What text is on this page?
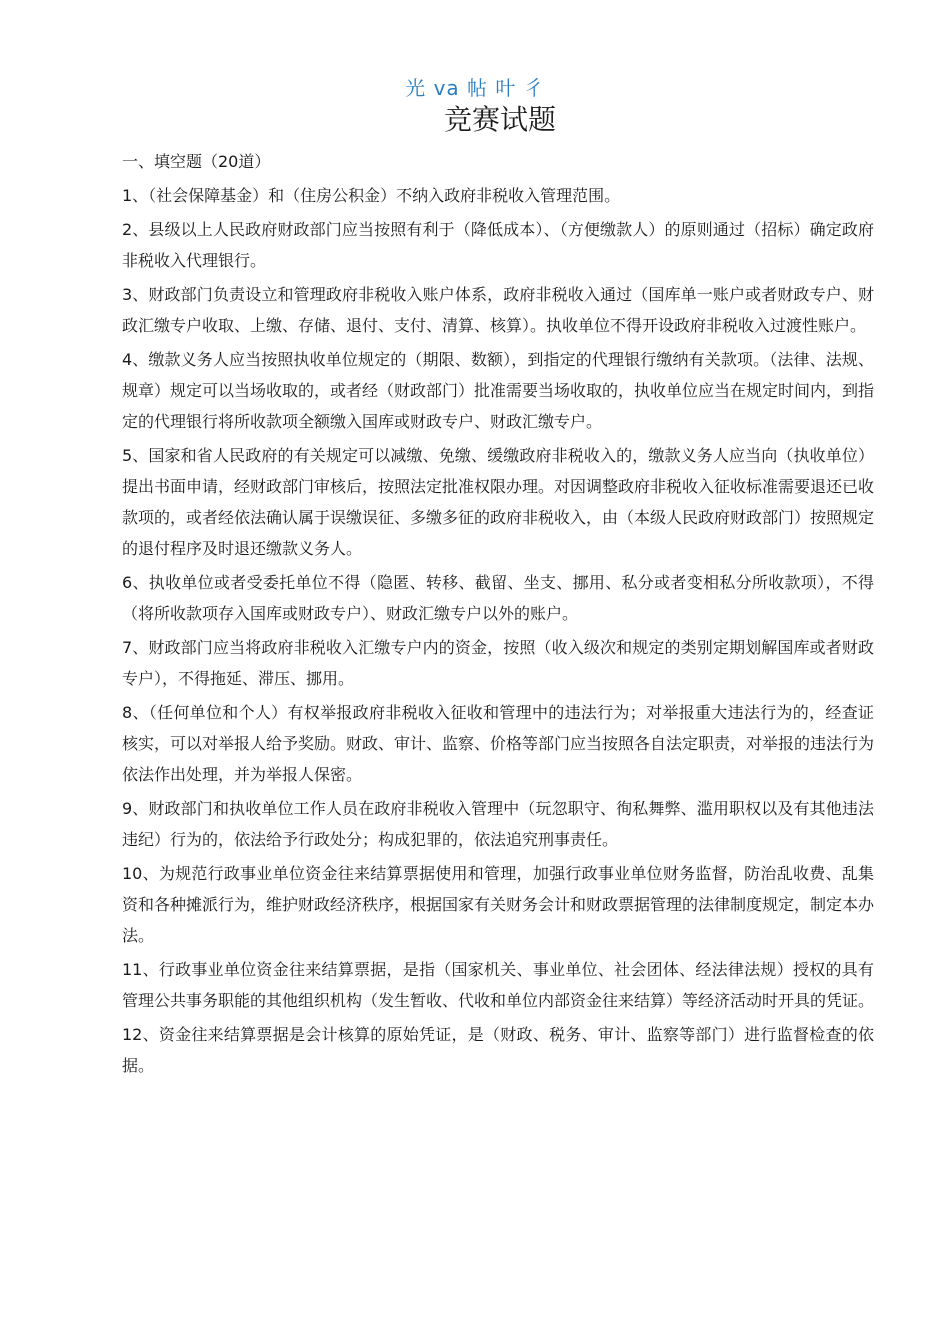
光 va 帖 叶 彳
竞赛试题

一、填空题（20道）

1、（社会保障基金）和（住房公积金）不纳入政府非税收入管理范围。

2、县级以上人民政府财政部门应当按照有利于（降低成本）、（方便缴款人）的原则通过（招标）确定政府非税收入代理银行。

3、财政部门负责设立和管理政府非税收入账户体系，政府非税收入通过（国库单一账户或者财政专户、财政汇缴专户收取、上缴、存储、退付、支付、清算、核算）。执收单位不得开设政府非税收入过渡性账户。

4、缴款义务人应当按照执收单位规定的（期限、数额），到指定的代理银行缴纳有关款项。（法律、法规、规章）规定可以当场收取的，或者经（财政部门）批准需要当场收取的，执收单位应当在规定时间内，到指定的代理银行将所收款项全额缴入国库或财政专户、财政汇缴专户。

5、国家和省人民政府的有关规定可以减缴、免缴、缓缴政府非税收入的，缴款义务人应当向（执收单位）提出书面申请，经财政部门审核后，按照法定批准权限办理。对因调整政府非税收入征收标准需要退还已收款项的，或者经依法确认属于误缴误征、多缴多征的政府非税收入，由（本级人民政府财政部门）按照规定的退付程序及时退还缴款义务人。

6、执收单位或者受委托单位不得（隐匿、转移、截留、坐支、挪用、私分或者变相私分所收款项），不得（将所收款项存入国库或财政专户）、财政汇缴专户以外的账户。

7、财政部门应当将政府非税收入汇缴专户内的资金，按照（收入级次和规定的类别定期划解国库或者财政专户），不得拖延、滞压、挪用。

8、（任何单位和个人）有权举报政府非税收入征收和管理中的违法行为；对举报重大违法行为的，经查证核实，可以对举报人给予奖励。财政、审计、监察、价格等部门应当按照各自法定职责，对举报的违法行为依法作出处理，并为举报人保密。

9、财政部门和执收单位工作人员在政府非税收入管理中（玩忽职守、徇私舞弊、滥用职权以及有其他违法违纪）行为的，依法给予行政处分；构成犯罪的，依法追究刑事责任。

10、为规范行政事业单位资金往来结算票据使用和管理，加强行政事业单位财务监督，防治乱收费、乱集资和各种摊派行为，维护财政经济秩序，根据国家有关财务会计和财政票据管理的法律制度规定，制定本办法。

11、行政事业单位资金往来结算票据，是指（国家机关、事业单位、社会团体、经法律法规）授权的具有管理公共事务职能的其他组织机构（发生暂收、代收和单位内部资金往来结算）等经济活动时开具的凭证。

12、资金往来结算票据是会计核算的原始凭证，是（财政、税务、审计、监察等部门）进行监督检查的依据。
